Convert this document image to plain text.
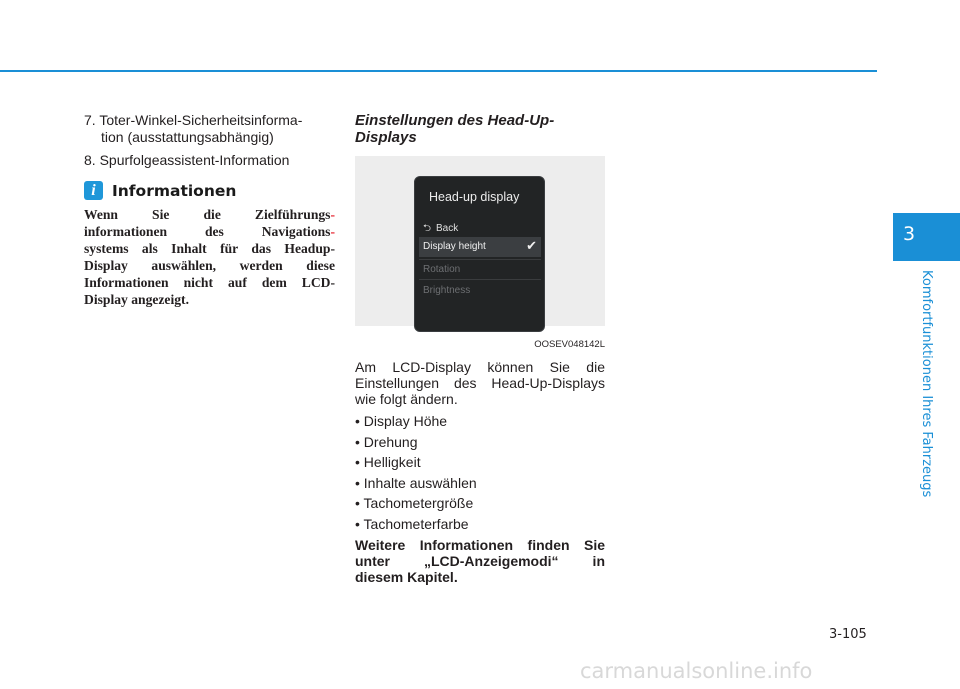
7. Toter-Winkel-Sicherheitsinforma-
tion (ausstattungsabhängig)
8. Spurfolgeassistent-Information
i	Informationen
Wenn Sie die Zielführungs-
informationen des Navigations-
systems als Inhalt für das Headup-
Display auswählen, werden diese
Informationen nicht auf dem LCD-
Display angezeigt.
Einstellungen des Head-Up-
Displays
Head-up display
⮌ Back
Display height	✔
Rotation
Brightness
OOSEV048142L
Am LCD-Display können Sie die
Einstellungen des Head-Up-Displays
wie folgt ändern.
• Display Höhe
• Drehung
• Helligkeit
• Inhalte auswählen
• Tachometergröße
• Tachometerfarbe
Weitere Informationen finden Sie
unter „LCD-Anzeigemodi“ in
diesem Kapitel.
3
Komfortfunktionen Ihres Fahrzeugs
3-105
carmanualsonline.info
